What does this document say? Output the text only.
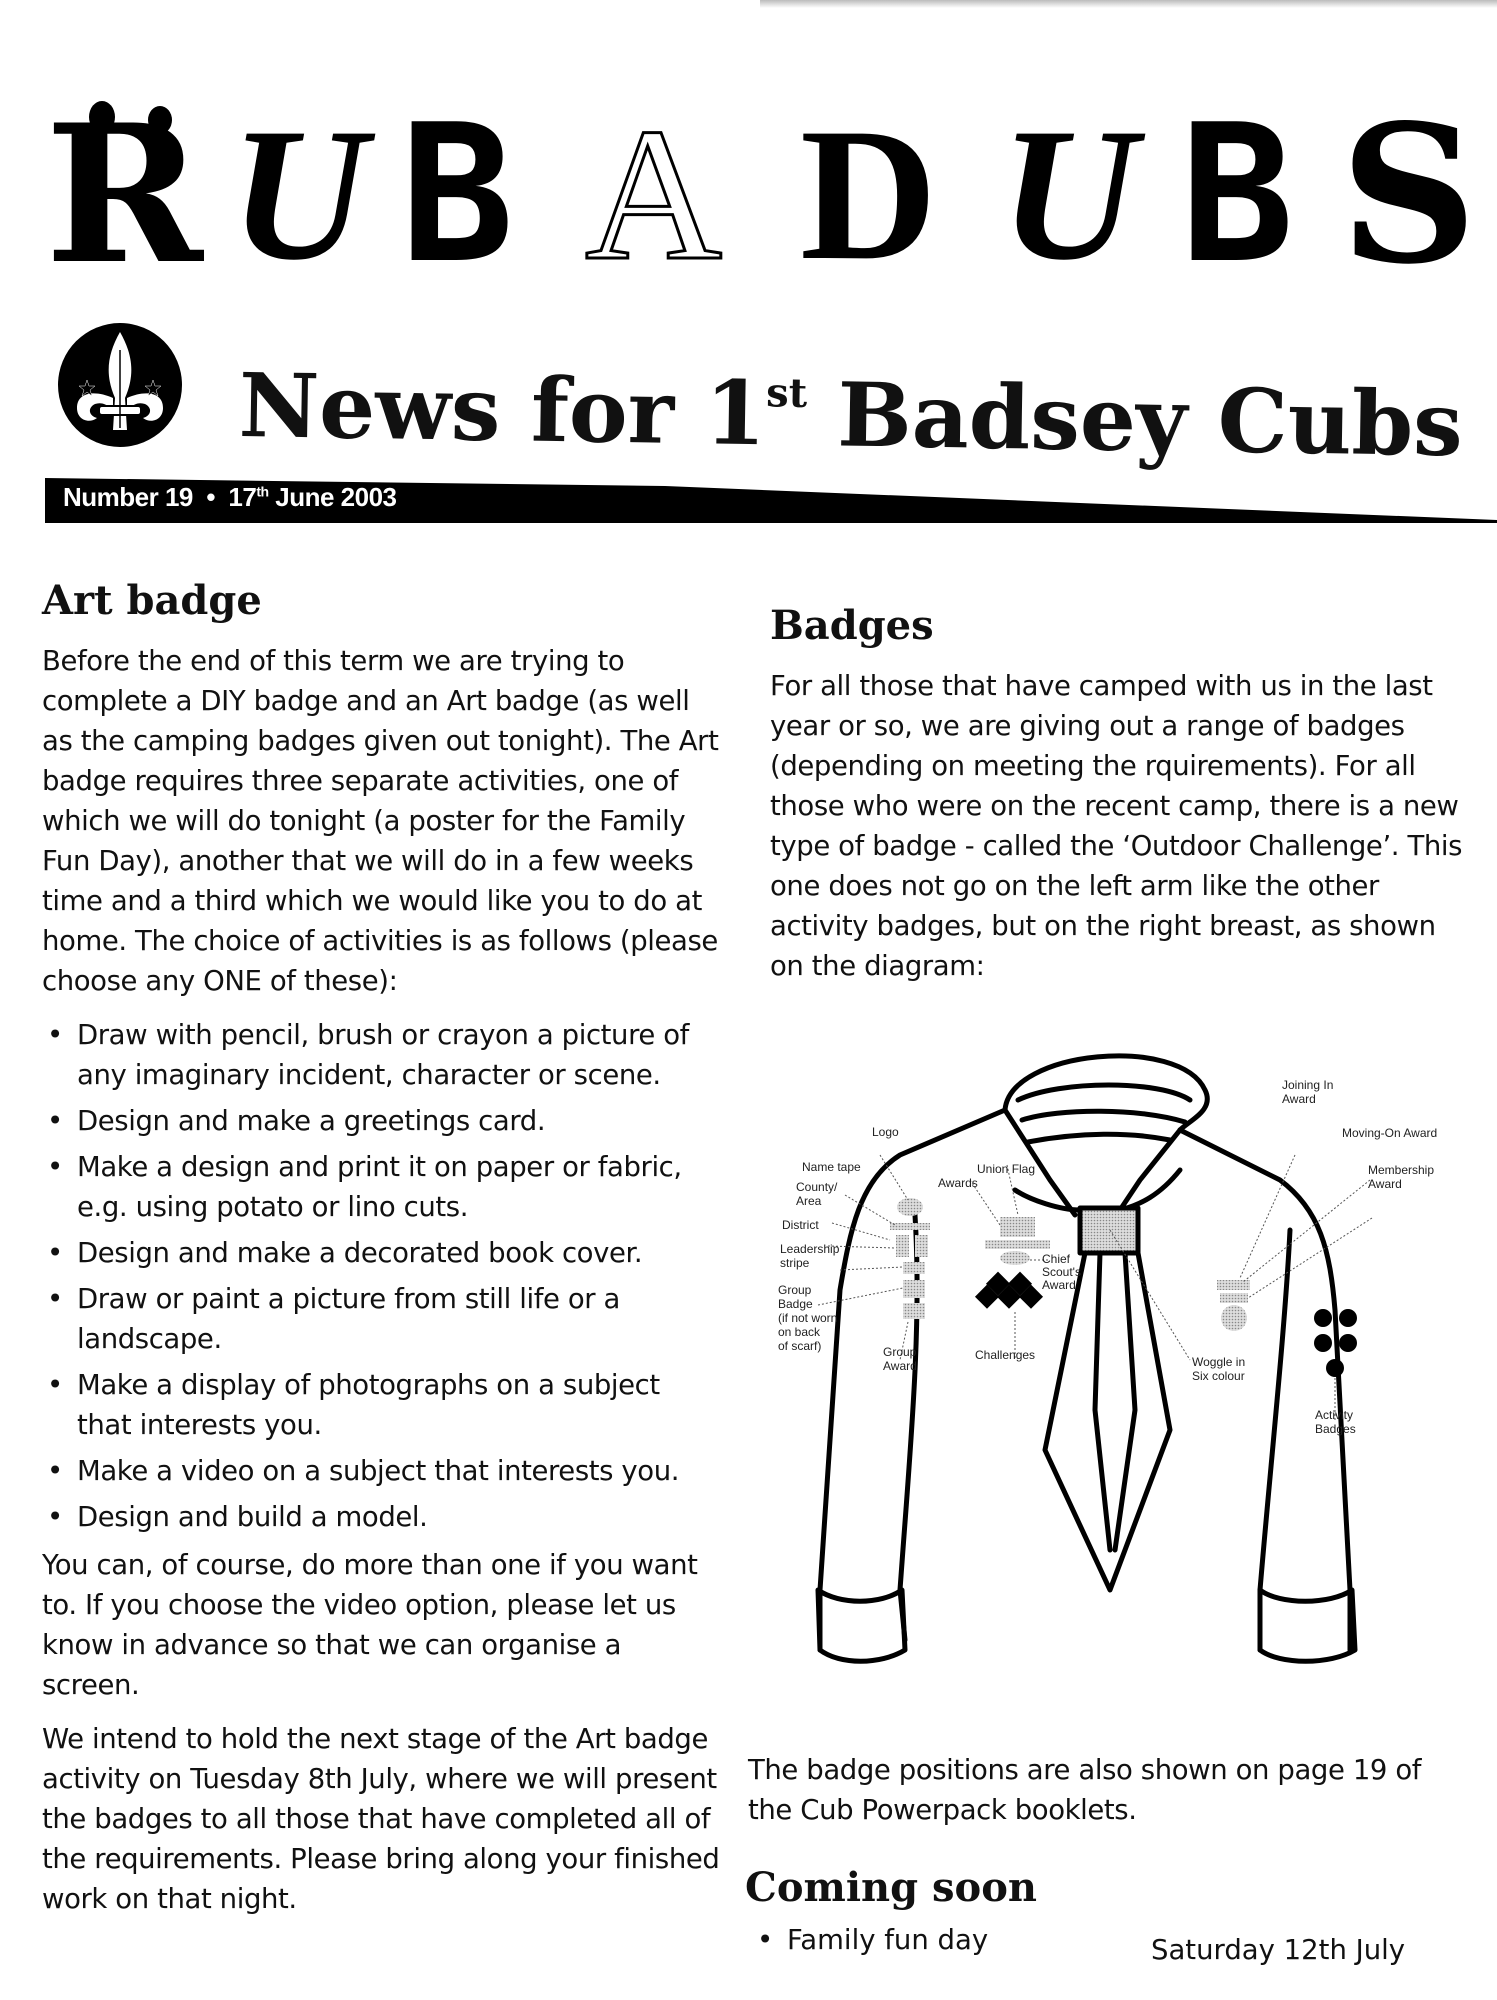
R U B A D U B S
News for 1st Badsey Cubs
Number 19 • 17th June 2003
Art badge

Before the end of this term we are trying to complete a DIY badge and an Art badge (as well as the camping badges given out tonight). The Art badge requires three separate activities, one of which we will do tonight (a poster for the Family Fun Day), another that we will do in a few weeks time and a third which we would like you to do at home. The choice of activities is as follows (please choose any ONE of these):

• Draw with pencil, brush or crayon a picture of any imaginary incident, character or scene.
• Design and make a greetings card.
• Make a design and print it on paper or fabric, e.g. using potato or lino cuts.
• Design and make a decorated book cover.
• Draw or paint a picture from still life or a landscape.
• Make a display of photographs on a subject that interests you.
• Make a video on a subject that interests you.
• Design and build a model.

You can, of course, do more than one if you want to. If you choose the video option, please let us know in advance so that we can organise a screen.

We intend to hold the next stage of the Art badge activity on Tuesday 8th July, where we will present the badges to all those that have completed all of the requirements. Please bring along your finished work on that night.

Badges

For all those that have camped with us in the last year or so, we are giving out a range of badges (depending on meeting the rquirements). For all those who were on the recent camp, there is a new type of badge - called the ‘Outdoor Challenge’. This one does not go on the left arm like the other activity badges, but on the right breast, as shown on the diagram:

Logo
Name tape
County/
Area
District
Leadership
stripe
Group
Badge
(if not worn
on back
of scarf)	Group
Award
Union Flag
Awards
Chief
Scout's
Award
Challenges
Joining In
Award
Moving-On Award
Membership
Award
Woggle in
Six colour
Activity
Badges

The badge positions are also shown on page 19 of the Cub Powerpack booklets.

Coming soon
• Family fun day	Saturday 12th July
